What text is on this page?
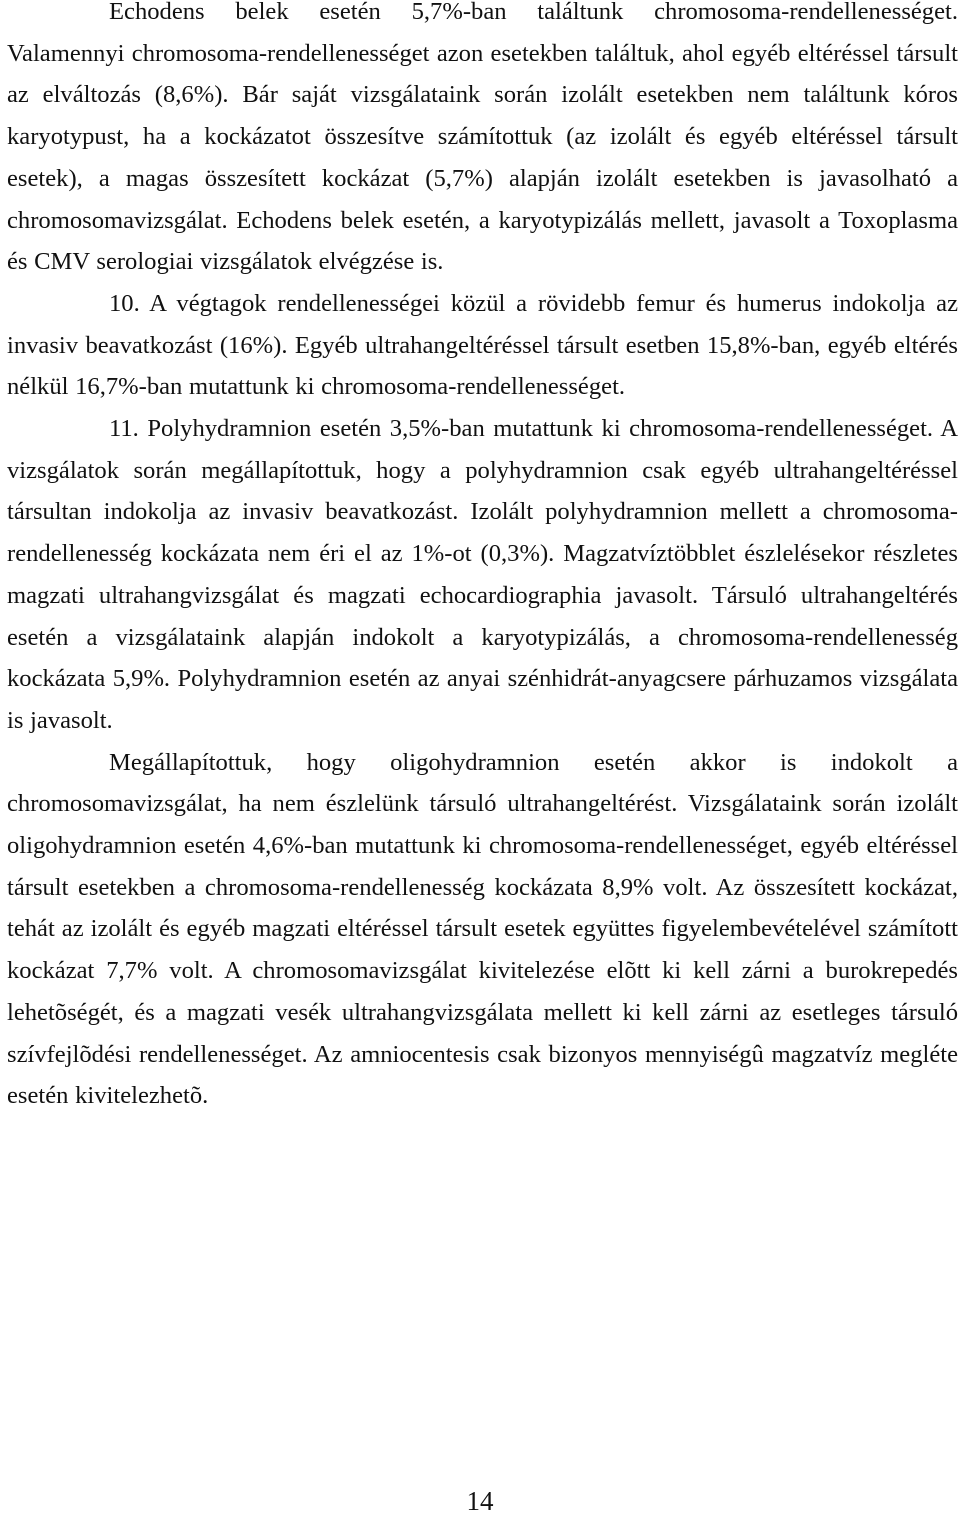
Echodens belek esetén 5,7%-ban találtunk chromosoma-rendellenességet. Valamennyi chromosoma-rendellenességet azon esetekben találtuk, ahol egyéb eltéréssel társult az elváltozás (8,6%). Bár saját vizsgálataink során izolált esetekben nem találtunk kóros karyotypust, ha a kockázatot összesítve számítottuk (az izolált és egyéb eltéréssel társult esetek), a magas összesített kockázat (5,7%) alapján izolált esetekben is javasolható a chromosomavizsgálat. Echodens belek esetén, a karyotypizálás mellett, javasolt a Toxoplasma és CMV serologiai vizsgálatok elvégzése is.

10. A végtagok rendellenességei közül a rövidebb femur és humerus indokolja az invasiv beavatkozást (16%). Egyéb ultrahangeltéréssel társult esetben 15,8%-ban, egyéb eltérés nélkül 16,7%-ban mutattunk ki chromosoma-rendellenességet.

11. Polyhydramnion esetén 3,5%-ban mutattunk ki chromosoma-rendellenességet. A vizsgálatok során megállapítottuk, hogy a polyhydramnion csak egyéb ultrahangeltéréssel társultan indokolja az invasiv beavatkozást. Izolált polyhydramnion mellett a chromosoma-rendellenesség kockázata nem éri el az 1%-ot (0,3%). Magzatvíztöbblet észlelésekor részletes magzati ultrahangvizsgálat és magzati echocardiographia javasolt. Társuló ultrahangeltérés esetén a vizsgálataink alapján indokolt a karyotypizálás, a chromosoma-rendellenesség kockázata 5,9%. Polyhydramnion esetén az anyai szénhidrát-anyagcsere párhuzamos vizsgálata is javasolt.

Megállapítottuk, hogy oligohydramnion esetén akkor is indokolt a chromosomavizsgálat, ha nem észlelünk társuló ultrahangeltérést. Vizsgálataink során izolált oligohydramnion esetén 4,6%-ban mutattunk ki chromosoma-rendellenességet, egyéb eltéréssel társult esetekben a chromosoma-rendellenesség kockázata 8,9% volt. Az összesített kockázat, tehát az izolált és egyéb magzati eltéréssel társult esetek együttes figyelembevételével számított kockázat 7,7% volt. A chromosomavizsgálat kivitelezése elõtt ki kell zárni a burokrepedés lehetõségét, és a magzati vesék ultrahangvizsgálata mellett ki kell zárni az esetleges társuló szívfejlõdési rendellenességet. Az amniocentesis csak bizonyos mennyiségû magzatvíz megléte esetén kivitelezhetõ.

14
